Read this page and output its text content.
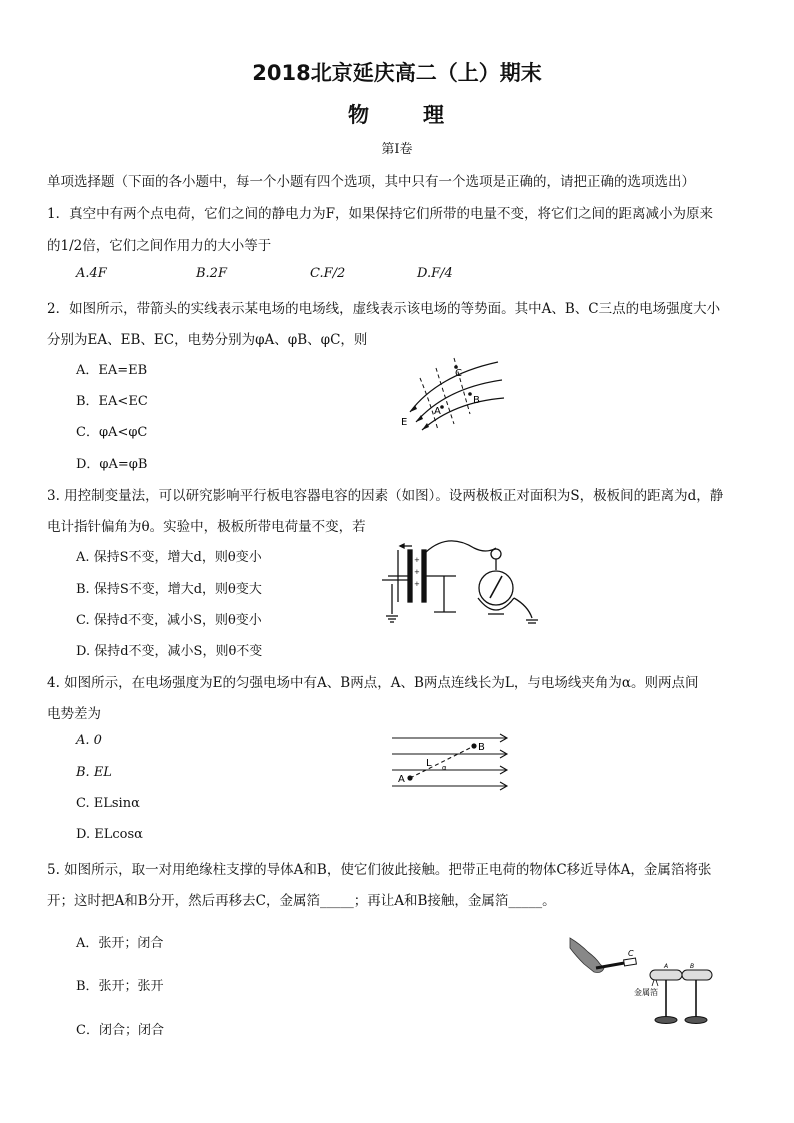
2018北京延庆高二（上）期末
物 理
第I卷
单项选择题（下面的各小题中，每一个小题有四个选项，其中只有一个选项是正确的，请把正确的选项选出）
1．真空中有两个点电荷，它们之间的静电力为F，如果保持它们所带的电量不变，将它们之间的距离减小为原来
的1/2倍，它们之间作用力的大小等于
A.4F	B.2F	C.F/2	D.F/4
2．如图所示，带箭头的实线表示某电场的电场线，虚线表示该电场的等势面。其中A、B、C三点的电场强度大小
分别为EA、EB、EC，电势分别为φA、φB、φC，则
A．EA=EB
B．EA<EC
C．φA<φC
D．φA=φB
A
B
C
E
3. 用控制变量法，可以研究影响平行板电容器电容的因素（如图）。设两极板正对面积为S，极板间的距离为d，静
电计指针偏角为θ。实验中，极板所带电荷量不变，若
A. 保持S不变，增大d，则θ变小
B. 保持S不变，增大d，则θ变大
C. 保持d不变，减小S，则θ变小
D. 保持d不变，减小S，则θ不变
+
+
+
4. 如图所示，在电场强度为E的匀强电场中有A、B两点，A、B两点连线长为L，与电场线夹角为α。则两点间
电势差为
A. 0
B. EL
C. ELsinα
D. ELcosα
A
B
L α
5. 如图所示，取一对用绝缘柱支撑的导体A和B，使它们彼此接触。把带正电荷的物体C移近导体A，金属箔将张
开；这时把A和B分开，然后再移去C，金属箔_____；再让A和B接触，金属箔_____。
A．张开；闭合
B．张开；张开
C．闭合；闭合
C
A	B
金属箔
